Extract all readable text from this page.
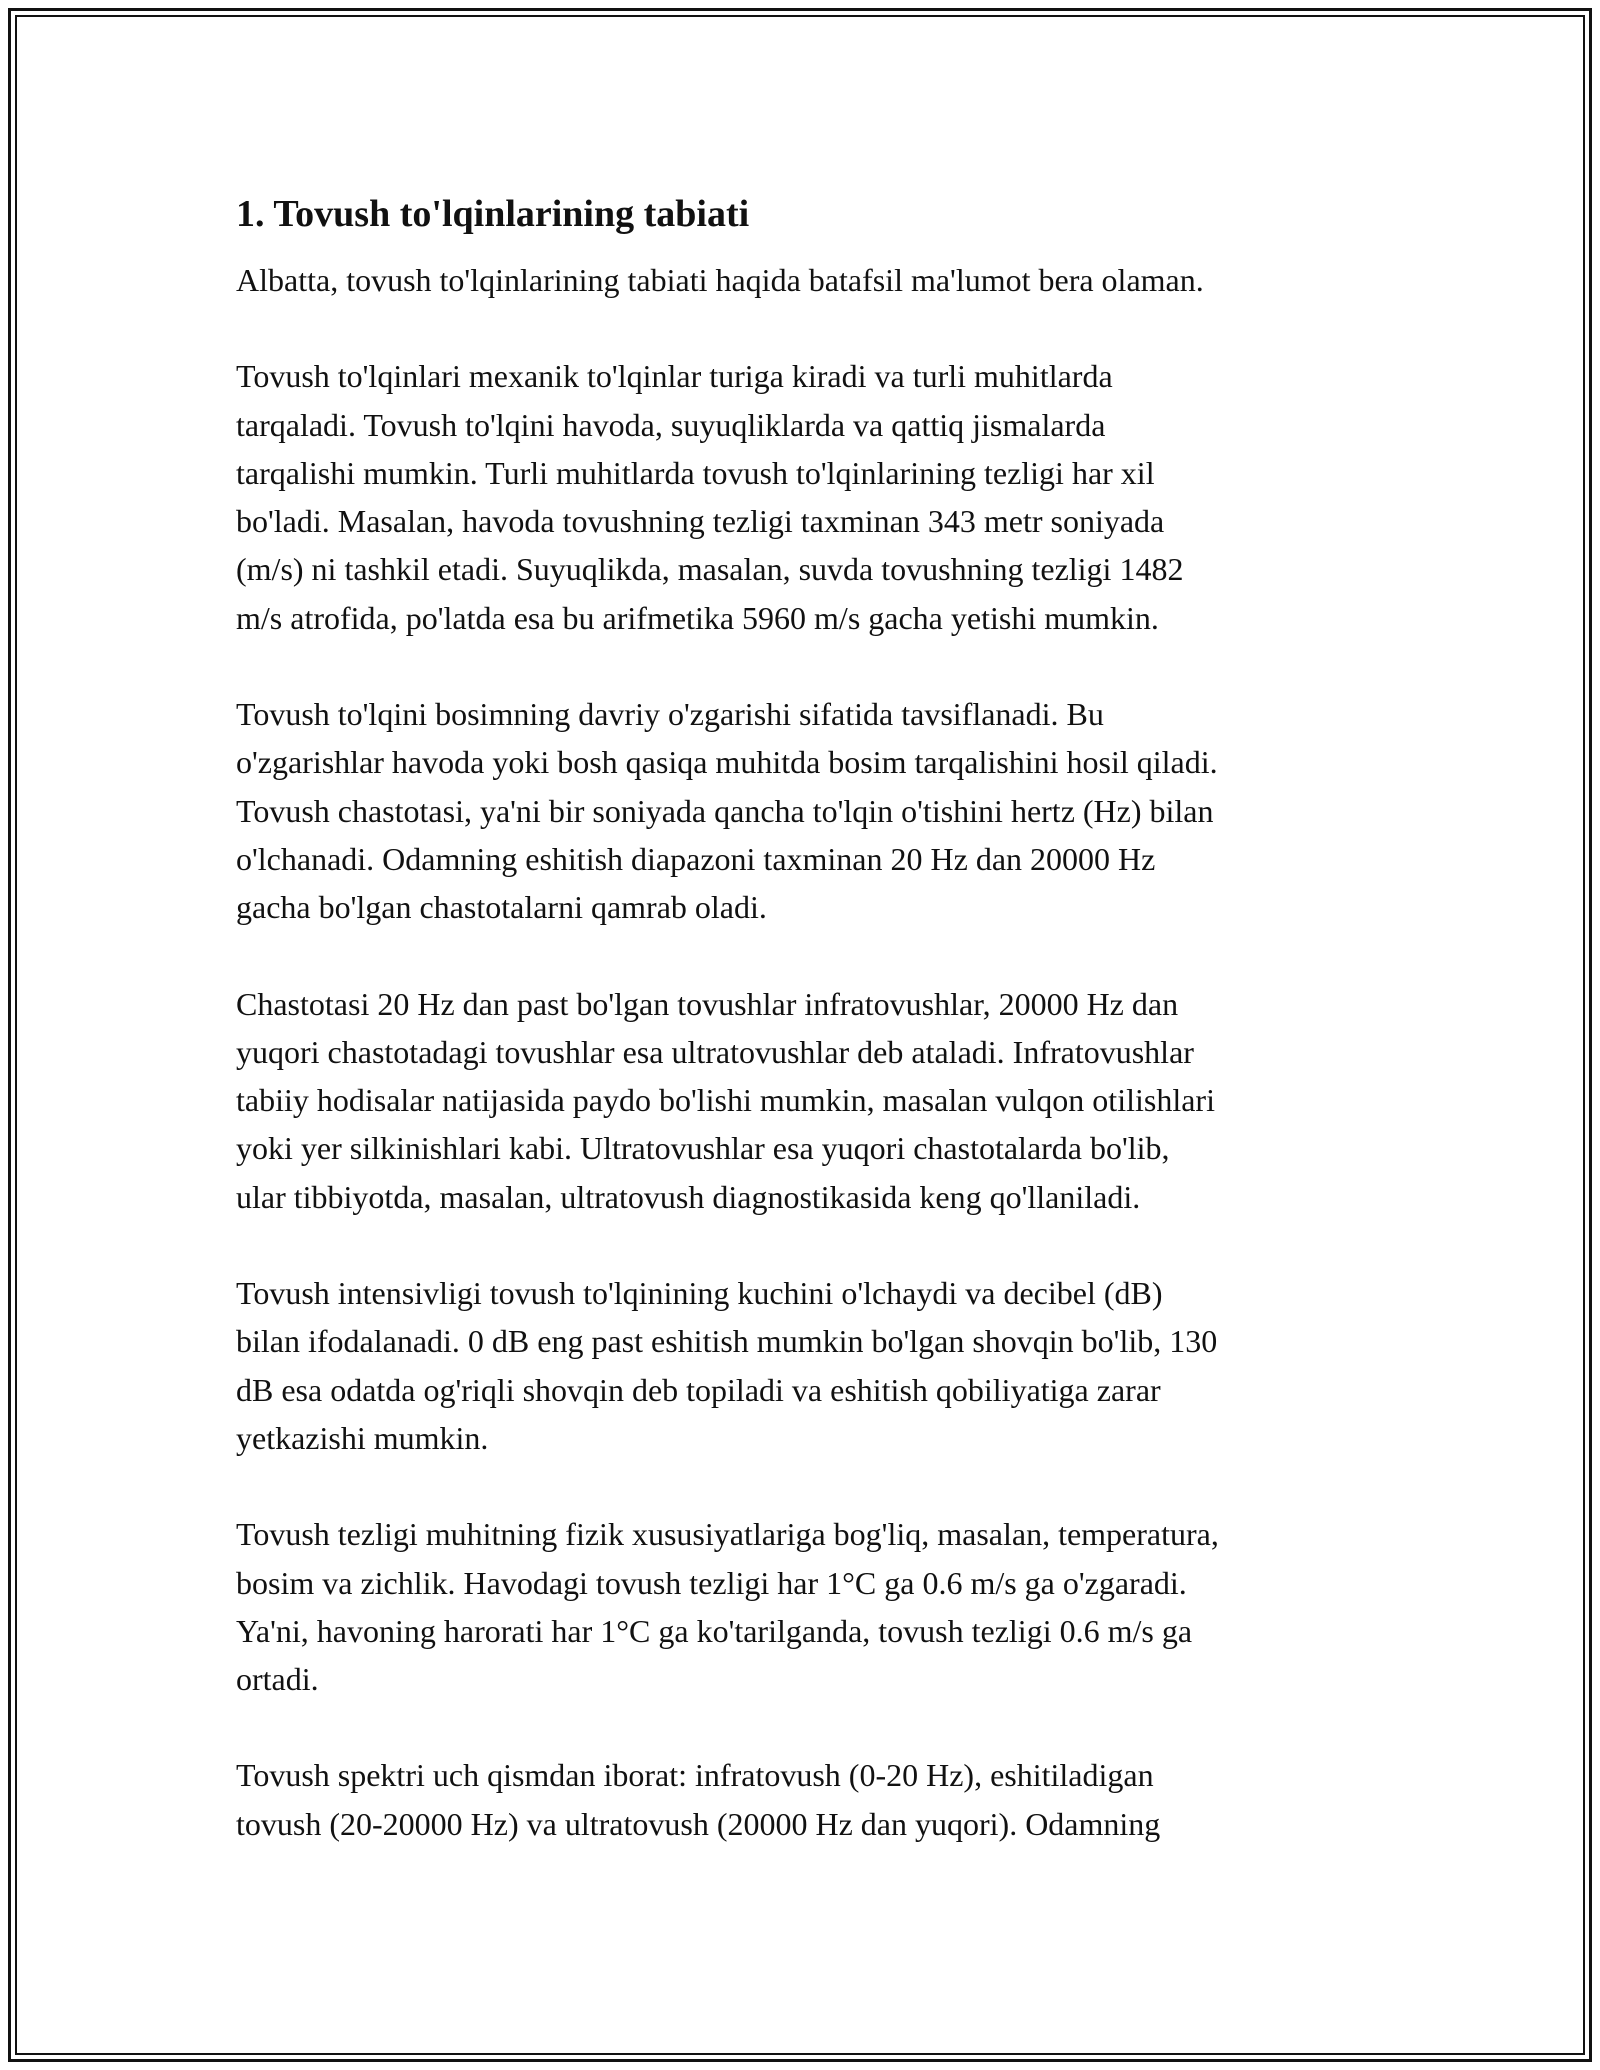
1. Tovush to'lqinlarining tabiati

Albatta, tovush to'lqinlarining tabiati haqida batafsil ma'lumot bera olaman.

Tovush to'lqinlari mexanik to'lqinlar turiga kiradi va turli muhitlarda
tarqaladi. Tovush to'lqini havoda, suyuqliklarda va qattiq jismalarda
tarqalishi mumkin. Turli muhitlarda tovush to'lqinlarining tezligi har xil
bo'ladi. Masalan, havoda tovushning tezligi taxminan 343 metr soniyada
(m/s) ni tashkil etadi. Suyuqlikda, masalan, suvda tovushning tezligi 1482
m/s atrofida, po'latda esa bu arifmetika 5960 m/s gacha yetishi mumkin.

Tovush to'lqini bosimning davriy o'zgarishi sifatida tavsiflanadi. Bu
o'zgarishlar havoda yoki bosh qasiqa muhitda bosim tarqalishini hosil qiladi.
Tovush chastotasi, ya'ni bir soniyada qancha to'lqin o'tishini hertz (Hz) bilan
o'lchanadi. Odamning eshitish diapazoni taxminan 20 Hz dan 20000 Hz
gacha bo'lgan chastotalarni qamrab oladi.

Chastotasi 20 Hz dan past bo'lgan tovushlar infratovushlar, 20000 Hz dan
yuqori chastotadagi tovushlar esa ultratovushlar deb ataladi. Infratovushlar
tabiiy hodisalar natijasida paydo bo'lishi mumkin, masalan vulqon otilishlari
yoki yer silkinishlari kabi. Ultratovushlar esa yuqori chastotalarda bo'lib,
ular tibbiyotda, masalan, ultratovush diagnostikasida keng qo'llaniladi.

Tovush intensivligi tovush to'lqinining kuchini o'lchaydi va decibel (dB)
bilan ifodalanadi. 0 dB eng past eshitish mumkin bo'lgan shovqin bo'lib, 130
dB esa odatda og'riqli shovqin deb topiladi va eshitish qobiliyatiga zarar
yetkazishi mumkin.

Tovush tezligi muhitning fizik xususiyatlariga bog'liq, masalan, temperatura,
bosim va zichlik. Havodagi tovush tezligi har 1°C ga 0.6 m/s ga o'zgaradi.
Ya'ni, havoning harorati har 1°C ga ko'tarilganda, tovush tezligi 0.6 m/s ga
ortadi.

Tovush spektri uch qismdan iborat: infratovush (0-20 Hz), eshitiladigan
tovush (20-20000 Hz) va ultratovush (20000 Hz dan yuqori). Odamning
